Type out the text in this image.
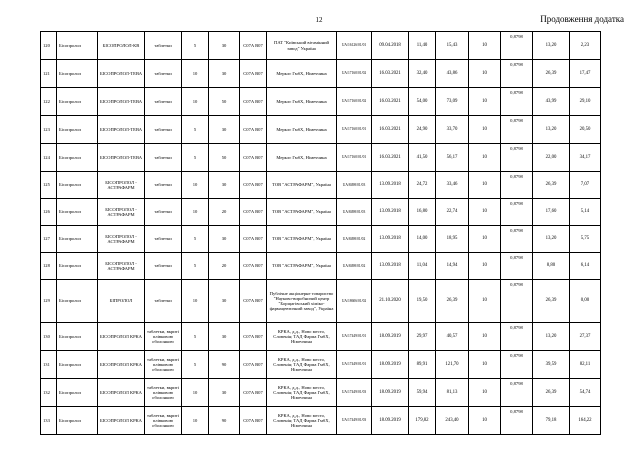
12	Продовження додатка
120	Бісопролол	БІСОПРОЛОЛ-КВ	таблетки	5	30	C07A B07	ПАТ "Київський вітамінний завод" Україна	UA/16126/01/01	09.04.2018	11,40	15,43	10	0,8798	13,20	2,23
121	Бісопролол	БІСОПРОЛОЛ-ТЕВА	таблетки	10	30	C07A B07	Мерклє ГмбХ, Німеччина	UA/17160/01/02	16.03.2021	32,40	43,86	10	0,8798	26,39	17,47
122	Бісопролол	БІСОПРОЛОЛ-ТЕВА	таблетки	10	50	C07A B07	Мерклє ГмбХ, Німеччина	UA/17160/01/02	16.03.2021	54,00	73,09	10	0,8798	43,99	29,10
123	Бісопролол	БІСОПРОЛОЛ-ТЕВА	таблетки	5	30	C07A B07	Мерклє ГмбХ, Німеччина	UA/17160/01/01	16.03.2021	24,90	33,70	10	0,8798	13,20	20,50
124	Бісопролол	БІСОПРОЛОЛ-ТЕВА	таблетки	5	50	C07A B07	Мерклє ГмбХ, Німеччина	UA/17160/01/01	16.03.2021	41,50	56,17	10	0,8798	22,00	34,17
125	Бісопролол	БІСОПРОЛОЛ - АСТРАФАРМ	таблетки	10	30	C07A B07	ТОВ "АСТРАФАРМ", Україна	UA/8498/01/03	13.09.2018	24,72	33,46	10	0,8798	26,39	7,07
126	Бісопролол	БІСОПРОЛОЛ - АСТРАФАРМ	таблетки	10	20	C07A B07	ТОВ "АСТРАФАРМ", Україна	UA/8498/01/03	13.09.2018	16,80	22,74	10	0,8798	17,60	5,14
127	Бісопролол	БІСОПРОЛОЛ - АСТРАФАРМ	таблетки	5	30	C07A B07	ТОВ "АСТРАФАРМ", Україна	UA/8498/01/02	13.09.2018	14,00	18,95	10	0,8798	13,20	5,75
128	Бісопролол	БІСОПРОЛОЛ - АСТРАФАРМ	таблетки	5	20	C07A B07	ТОВ "АСТРАФАРМ", Україна	UA/8498/01/02	13.09.2018	11,04	14,94	10	0,8798	8,80	6,14
129	Бісопролол	БІПРОЛОЛ	таблетки	10	30	C07A B07	Публічне акціонерне товариство "Науково-виробничий центр "Борщагівський хіміко-фармацевтичний завод", Україна	UA/18606/01/02	21.10.2020	19,50	26,39	10	0,8798	26,39	0,00
130	Бісопролол	БІСОПРОЛОЛ КРКА	таблетки, вкриті плівковою оболонкою	5	30	C07A B07	КРКА, д.д., Ново место, Словенія; ТАД Фарма ГмбХ, Німеччина	UA/17449/01/01	18.09.2019	29,97	40,57	10	0,8798	13,20	27,37
131	Бісопролол	БІСОПРОЛОЛ КРКА	таблетки, вкриті плівковою оболонкою	5	90	C07A B07	КРКА, д.д., Ново место, Словенія; ТАД Фарма ГмбХ, Німеччина	UA/17449/01/01	18.09.2019	89,91	121,70	10	0,8798	39,59	82,11
132	Бісопролол	БІСОПРОЛОЛ КРКА	таблетки, вкриті плівковою оболонкою	10	30	C07A B07	КРКА, д.д., Ново место, Словенія; ТАД Фарма ГмбХ, Німеччина	UA/17449/01/03	18.09.2019	59,94	81,13	10	0,8798	26,39	54,74
133	Бісопролол	БІСОПРОЛОЛ КРКА	таблетки, вкриті плівковою оболонкою	10	90	C07A B07	КРКА, д.д., Ново место, Словенія; ТАД Фарма ГмбХ, Німеччина	UA/17449/01/03	18.09.2019	179,82	243,40	10	0,8798	79,18	164,22
